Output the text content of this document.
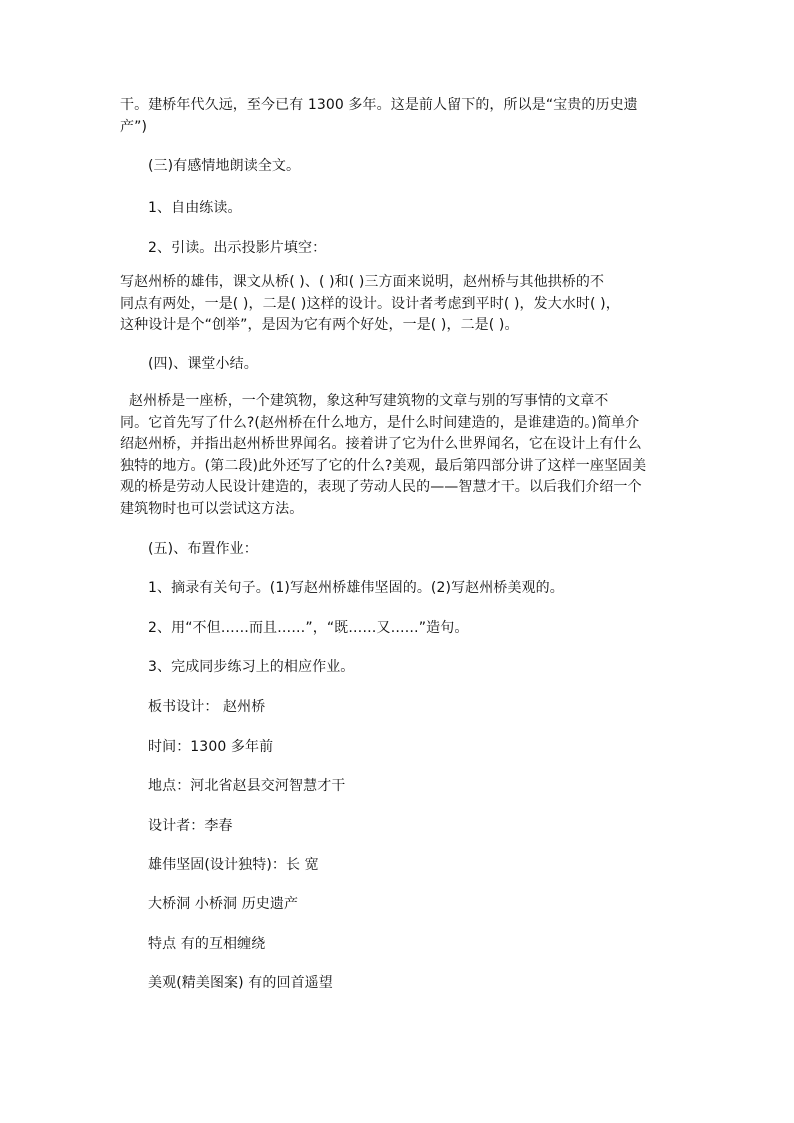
干。建桥年代久远，至今已有 1300 多年。这是前人留下的，所以是“宝贵的历史遗
产”)

(三)有感情地朗读全文。

1、自由练读。

2、引读。出示投影片填空：

写赵州桥的雄伟，课文从桥( )、( )和( )三方面来说明，赵州桥与其他拱桥的不
同点有两处，一是( )，二是( )这样的设计。设计者考虑到平时( )，发大水时( )，
这种设计是个“创举”，是因为它有两个好处，一是( )，二是( )。

(四)、课堂小结。

赵州桥是一座桥，一个建筑物，象这种写建筑物的文章与别的写事情的文章不
同。它首先写了什么?(赵州桥在什么地方，是什么时间建造的，是谁建造的。)简单介
绍赵州桥，并指出赵州桥世界闻名。接着讲了它为什么世界闻名，它在设计上有什么
独特的地方。(第二段)此外还写了它的什么?美观，最后第四部分讲了这样一座坚固美
观的桥是劳动人民设计建造的，表现了劳动人民的——智慧才干。以后我们介绍一个
建筑物时也可以尝试这方法。

(五)、布置作业：

1、摘录有关句子。(1)写赵州桥雄伟坚固的。(2)写赵州桥美观的。

2、用“不但……而且……”，“既……又……”造句。

3、完成同步练习上的相应作业。

板书设计： 赵州桥

时间：1300 多年前

地点：河北省赵县交河智慧才干

设计者：李春

雄伟坚固(设计独特)：长 宽

大桥洞 小桥洞 历史遗产

特点 有的互相缠绕

美观(精美图案) 有的回首遥望
